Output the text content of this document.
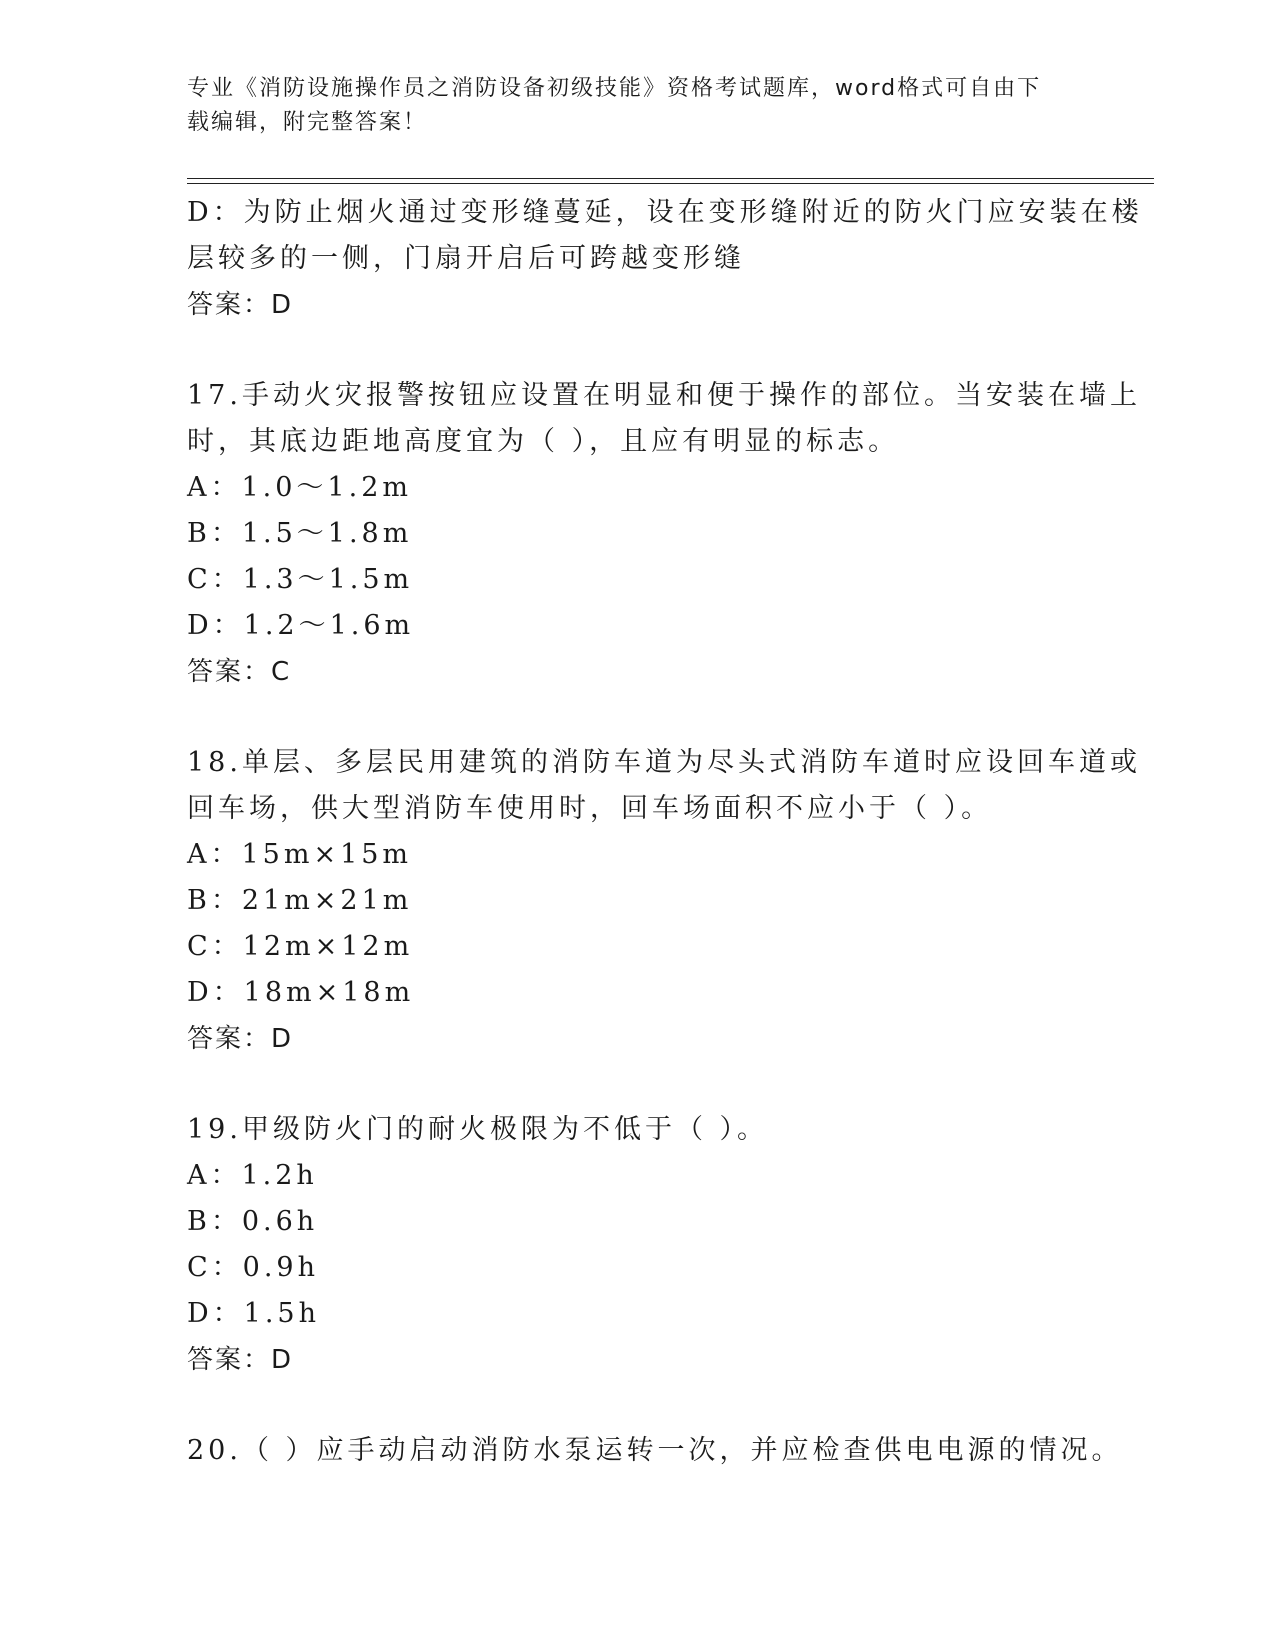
专业《消防设施操作员之消防设备初级技能》资格考试题库，word格式可自由下
载编辑，附完整答案！
D：为防止烟火通过变形缝蔓延，设在变形缝附近的防火门应安装在楼
层较多的一侧，门扇开启后可跨越变形缝
答案：D
17.手动火灾报警按钮应设置在明显和便于操作的部位。当安装在墙上
时，其底边距地高度宜为（ ），且应有明显的标志。
A：1.0～1.2m
B：1.5～1.8m
C：1.3～1.5m
D：1.2～1.6m
答案：C
18.单层、多层民用建筑的消防车道为尽头式消防车道时应设回车道或
回车场，供大型消防车使用时，回车场面积不应小于（ ）。
A：15m×15m
B：21m×21m
C：12m×12m
D：18m×18m
答案：D
19.甲级防火门的耐火极限为不低于（ ）。
A：1.2h
B：0.6h
C：0.9h
D：1.5h
答案：D
20.（ ）应手动启动消防水泵运转一次，并应检查供电电源的情况。
